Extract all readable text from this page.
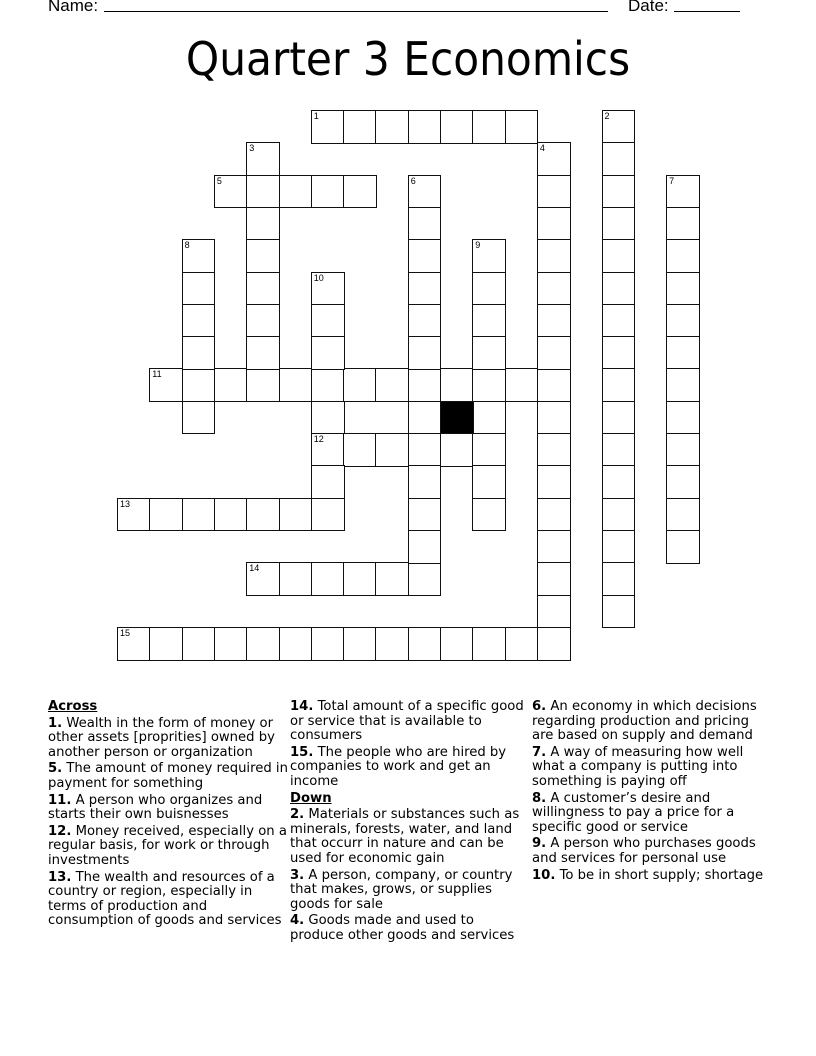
Name:	Date:
Quarter 3 Economics
1
5
11
12
13
14
15
2
3	4
6	7
8	9
10
Across
1. Wealth in the form of money or other assets [proprities] owned by another person or organization
5. The amount of money required in payment for something
11. A person who organizes and starts their own buisnesses
12. Money received, especially on a regular basis, for work or through investments
13. The wealth and resources of a country or region, especially in terms of production and consumption of goods and services
14. Total amount of a specific good or service that is available to consumers
15. The people who are hired by companies to work and get an income
Down
2. Materials or substances such as minerals, forests, water, and land that occurr in nature and can be used for economic gain
3. A person, company, or country that makes, grows, or supplies goods for sale
4. Goods made and used to produce other goods and services
6. An economy in which decisions regarding production and pricing are based on supply and demand
7. A way of measuring how well what a company is putting into something is paying off
8. A customer’s desire and willingness to pay a price for a specific good or service
9. A person who purchases goods and services for personal use
10. To be in short supply; shortage
